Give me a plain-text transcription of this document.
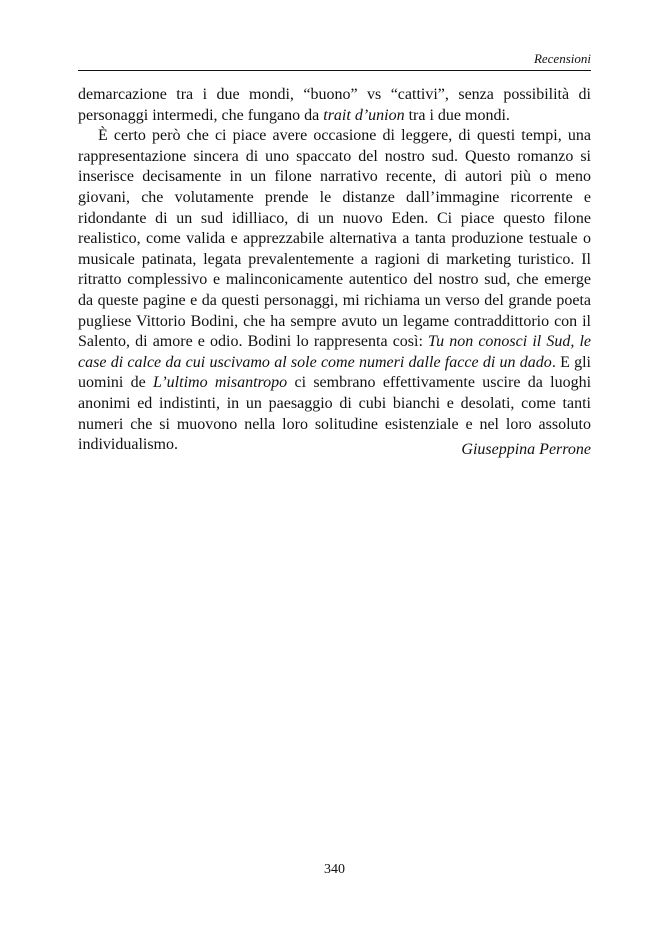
Recensioni

demarcazione tra i due mondi, “buono” vs “cattivi”, senza possibilità di personaggi intermedi, che fungano da trait d’union tra i due mondi.

È certo però che ci piace avere occasione di leggere, di questi tempi, una rappresentazione sincera di uno spaccato del nostro sud. Questo romanzo si inserisce decisamente in un filone narrativo recente, di autori più o meno giovani, che volutamente prende le distanze dall’immagine ricorrente e ridondante di un sud idilliaco, di un nuovo Eden. Ci piace questo filone realistico, come valida e apprezzabile alternativa a tanta produzione testuale o musicale patinata, legata prevalentemente a ragioni di marketing turistico. Il ritratto complessivo e malinconicamente autentico del nostro sud, che emerge da queste pagine e da questi personaggi, mi richiama un verso del grande poeta pugliese Vittorio Bodini, che ha sempre avuto un legame contraddittorio con il Salento, di amore e odio. Bodini lo rappresenta così: Tu non conosci il Sud, le case di calce da cui uscivamo al sole come numeri dalle facce di un dado. E gli uomini de L’ultimo misantropo ci sembrano effettivamente uscire da luoghi anonimi ed indistinti, in un paesaggio di cubi bianchi e desolati, come tanti numeri che si muovono nella loro solitudine esistenziale e nel loro assoluto individualismo.	Giuseppina Perrone
340
